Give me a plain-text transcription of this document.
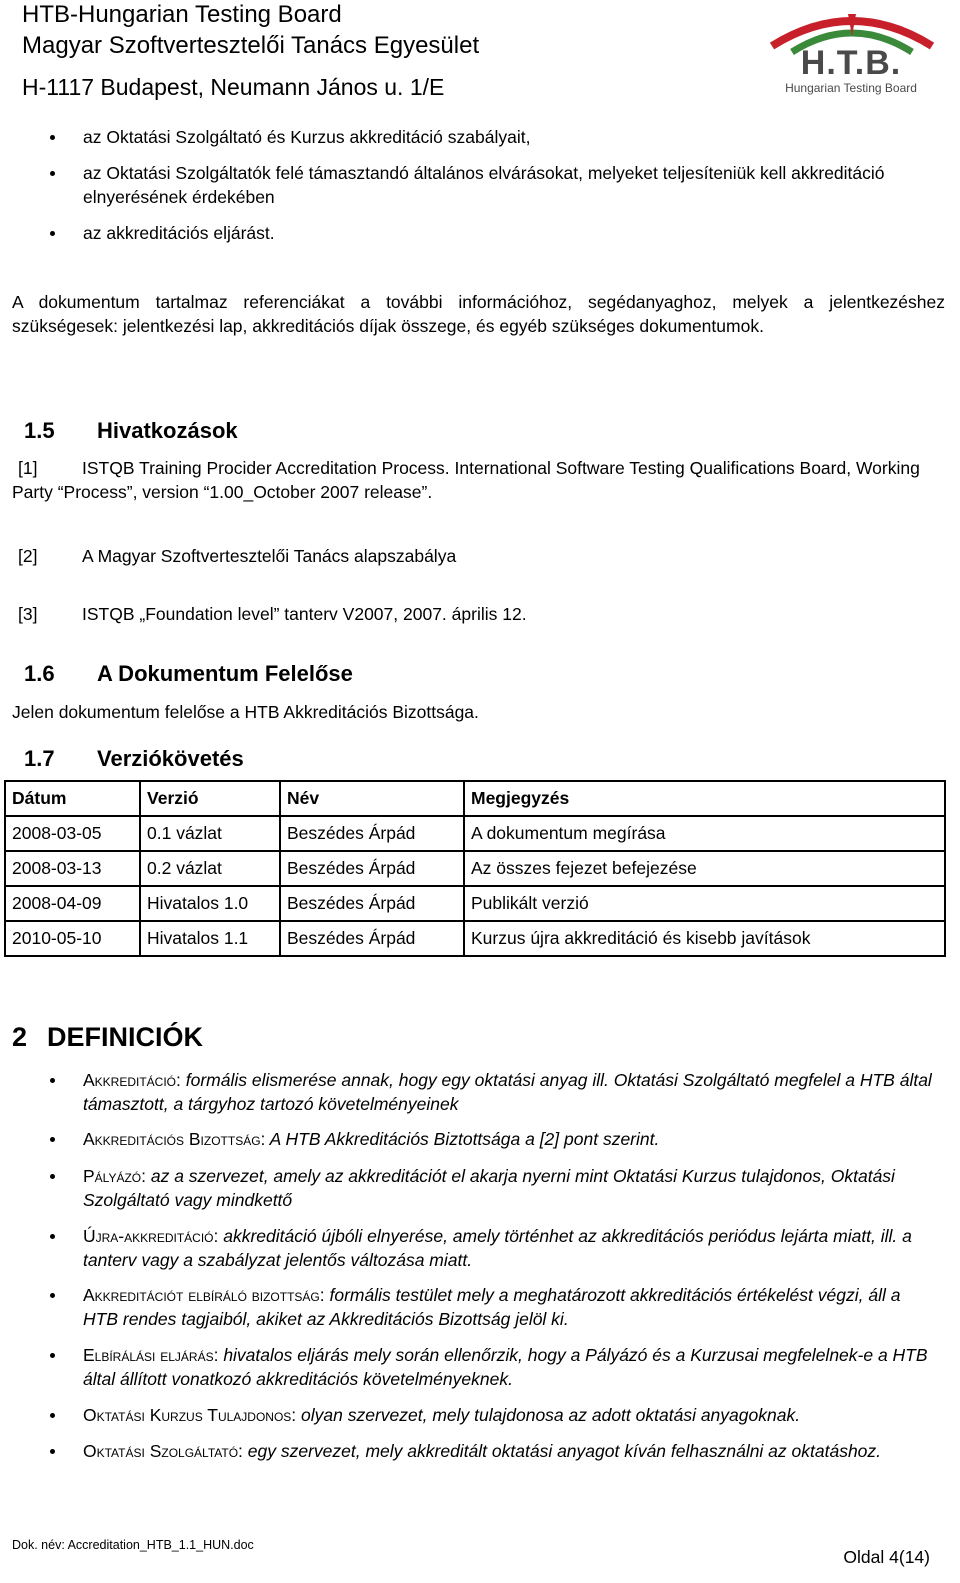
HTB-Hungarian Testing Board
Magyar Szoftvertesztelői Tanács Egyesület
H-1117 Budapest, Neumann János u. 1/E
H.T.B.
Hungarian Testing Board
az Oktatási Szolgáltató és Kurzus akkreditáció szabályait,
az Oktatási Szolgáltatók felé támasztandó általános elvárásokat, melyeket teljesíteniük kell akkreditáció elnyerésének érdekében
az akkreditációs eljárást.
A dokumentum tartalmaz referenciákat a további információhoz, segédanyaghoz, melyek a jelentkezéshez szükségesek: jelentkezési lap, akkreditációs díjak összege, és egyéb szükséges dokumentumok.
1.5 Hivatkozások
[1]	ISTQB Training Procider Accreditation Process. International Software Testing Qualifications Board, Working Party “Process”, version “1.00_October 2007 release”.
[2]	A Magyar Szoftvertesztelői Tanács alapszabálya
[3]	ISTQB „Foundation level” tanterv V2007, 2007. április 12.
1.6 A Dokumentum Felelőse
Jelen dokumentum felelőse a HTB Akkreditációs Bizottsága.
1.7 Verziókövetés
Dátum	Verzió	Név	Megjegyzés
2008-03-05	0.1 vázlat	Beszédes Árpád	A dokumentum megírása
2008-03-13	0.2 vázlat	Beszédes Árpád	Az összes fejezet befejezése
2008-04-09	Hivatalos 1.0	Beszédes Árpád	Publikált verzió
2010-05-10	Hivatalos 1.1	Beszédes Árpád	Kurzus újra akkreditáció és kisebb javítások
2 DEFINICIÓK
Akkreditáció: formális elismerése annak, hogy egy oktatási anyag ill. Oktatási Szolgáltató megfelel a HTB által támasztott, a tárgyhoz tartozó követelményeinek
Akkreditációs Bizottság: A HTB Akkreditációs Biztottsága a [2] pont szerint.
Pályázó: az a szervezet, amely az akkreditációt el akarja nyerni mint Oktatási Kurzus tulajdonos, Oktatási Szolgáltató vagy mindkettő
Újra-akkreditáció: akkreditáció újbóli elnyerése, amely történhet az akkreditációs periódus lejárta miatt, ill. a tanterv vagy a szabályzat jelentős változása miatt.
Akkreditációt elbíráló bizottság: formális testület mely a meghatározott akkreditációs értékelést végzi, áll a HTB rendes tagjaiból, akiket az Akkreditációs Bizottság jelöl ki.
Elbírálási eljárás: hivatalos eljárás mely során ellenőrzik, hogy a Pályázó és a Kurzusai megfelelnek-e a HTB által állított vonatkozó akkreditációs követelményeknek.
Oktatási Kurzus Tulajdonos: olyan szervezet, mely tulajdonosa az adott oktatási anyagoknak.
Oktatási Szolgáltató: egy szervezet, mely akkreditált oktatási anyagot kíván felhasználni az oktatáshoz.
Dok. név: Accreditation_HTB_1.1_HUN.doc
Oldal 4(14)
